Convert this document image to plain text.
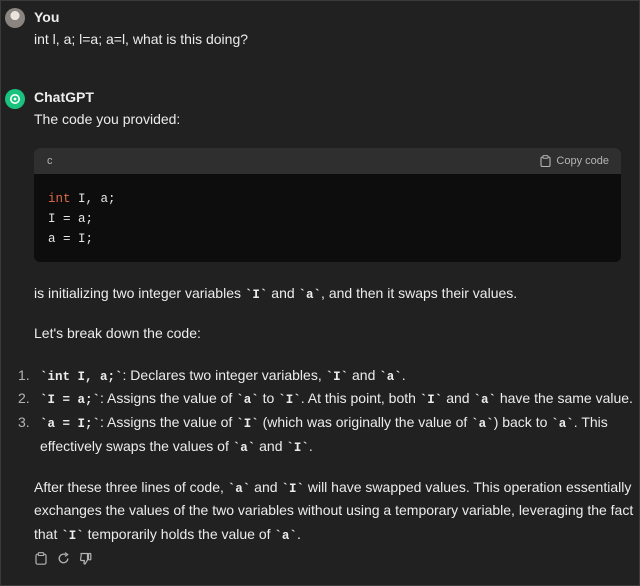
You
int l, a; l=a; a=l, what is this doing?
ChatGPT
The code you provided:
c	Copy code
int I, a;
I = a;
a = I;
is initializing two integer variables `I` and `a`, and then it swaps their values.
Let's break down the code:
1. `int I, a;`: Declares two integer variables, `I` and `a`.
2. `I = a;`: Assigns the value of `a` to `I`. At this point, both `I` and `a` have the same value.
3. `a = I;`: Assigns the value of `I` (which was originally the value of `a`) back to `a`. This
effectively swaps the values of `a` and `I`.
After these three lines of code, `a` and `I` will have swapped values. This operation essentially
exchanges the values of the two variables without using a temporary variable, leveraging the fact
that `I` temporarily holds the value of `a`.
